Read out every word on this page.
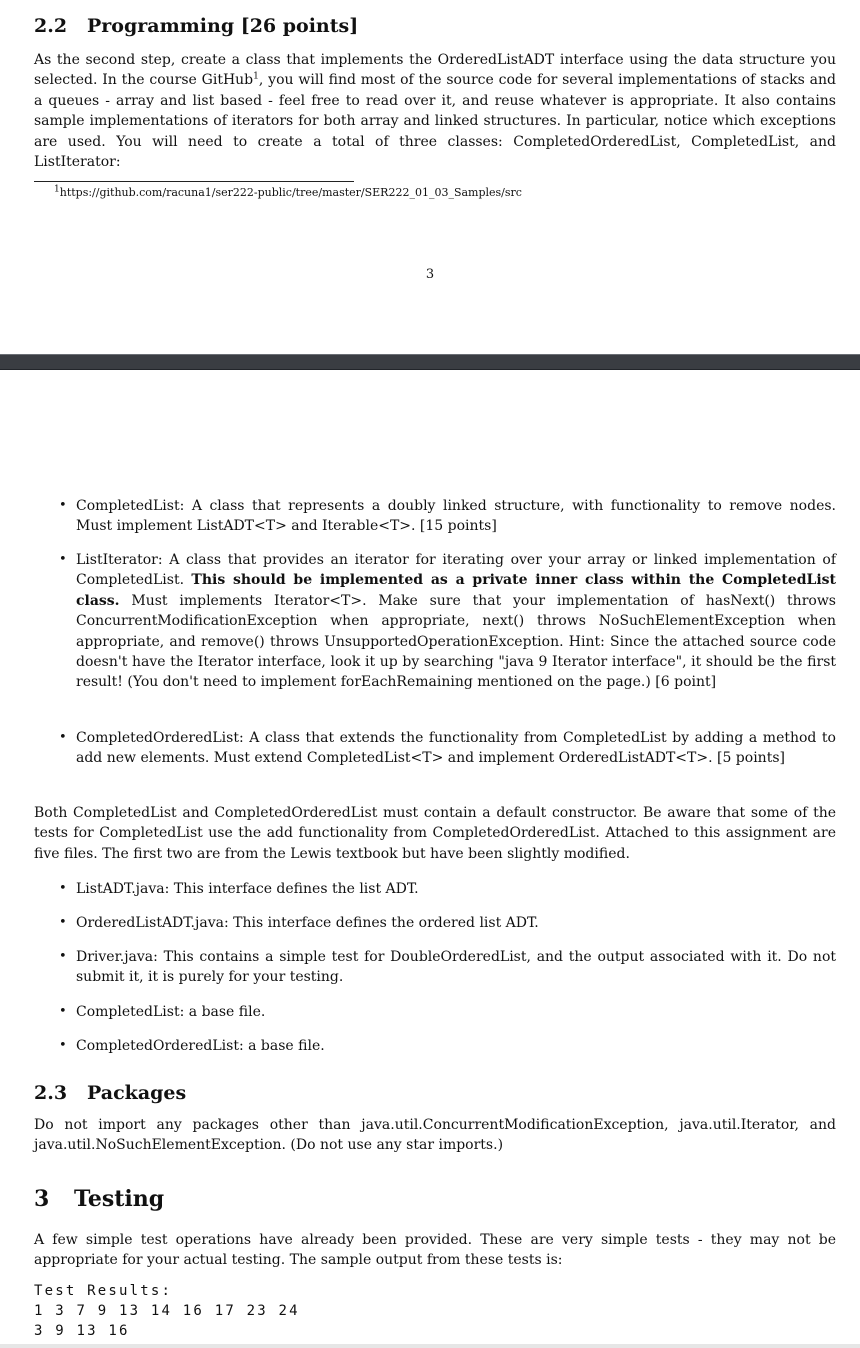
2.2 Programming [26 points]

As the second step, create a class that implements the OrderedListADT interface using the data structure you selected. In the course GitHub$^1$, you will find most of the source code for several implementations of stacks and a queues - array and list based - feel free to read over it, and reuse whatever is appropriate. It also contains sample implementations of iterators for both array and linked structures. In particular, notice which exceptions are used. You will need to create a total of three classes: CompletedOrderedList, CompletedList, and ListIterator:

$^1$https://github.com/racuna1/ser222-public/tree/master/SER222_01_03_Samples/src
3

• CompletedList: A class that represents a doubly linked structure, with functionality to remove nodes. Must implement ListADT<T> and Iterable<T>. [15 points]

• ListIterator: A class that provides an iterator for iterating over your array or linked implementation of CompletedList. This should be implemented as a private inner class within the CompletedList class. Must implements Iterator<T>. Make sure that your implementation of hasNext() throws ConcurrentModificationException when appropriate, next() throws NoSuchElementException when appropriate, and remove() throws UnsupportedOperationException. Hint: Since the attached source code doesn't have the Iterator interface, look it up by searching "java 9 Iterator interface", it should be the first result! (You don't need to implement forEachRemaining mentioned on the page.) [6 point]

• CompletedOrderedList: A class that extends the functionality from CompletedList by adding a method to add new elements. Must extend CompletedList<T> and implement OrderedListADT<T>. [5 points]

Both CompletedList and CompletedOrderedList must contain a default constructor. Be aware that some of the tests for CompletedList use the add functionality from CompletedOrderedList. Attached to this assignment are five files. The first two are from the Lewis textbook but have been slightly modified.

• ListADT.java: This interface defines the list ADT.

• OrderedListADT.java: This interface defines the ordered list ADT.

• Driver.java: This contains a simple test for DoubleOrderedList, and the output associated with it. Do not submit it, it is purely for your testing.

• CompletedList: a base file.

• CompletedOrderedList: a base file.

2.3 Packages

Do not import any packages other than java.util.ConcurrentModificationException, java.util.Iterator, and java.util.NoSuchElementException. (Do not use any star imports.)

3 Testing

A few simple test operations have already been provided. These are very simple tests - they may not be appropriate for your actual testing. The sample output from these tests is:

Test Results:
1 3 7 9 13 14 16 17 23 24
3 9 13 16
